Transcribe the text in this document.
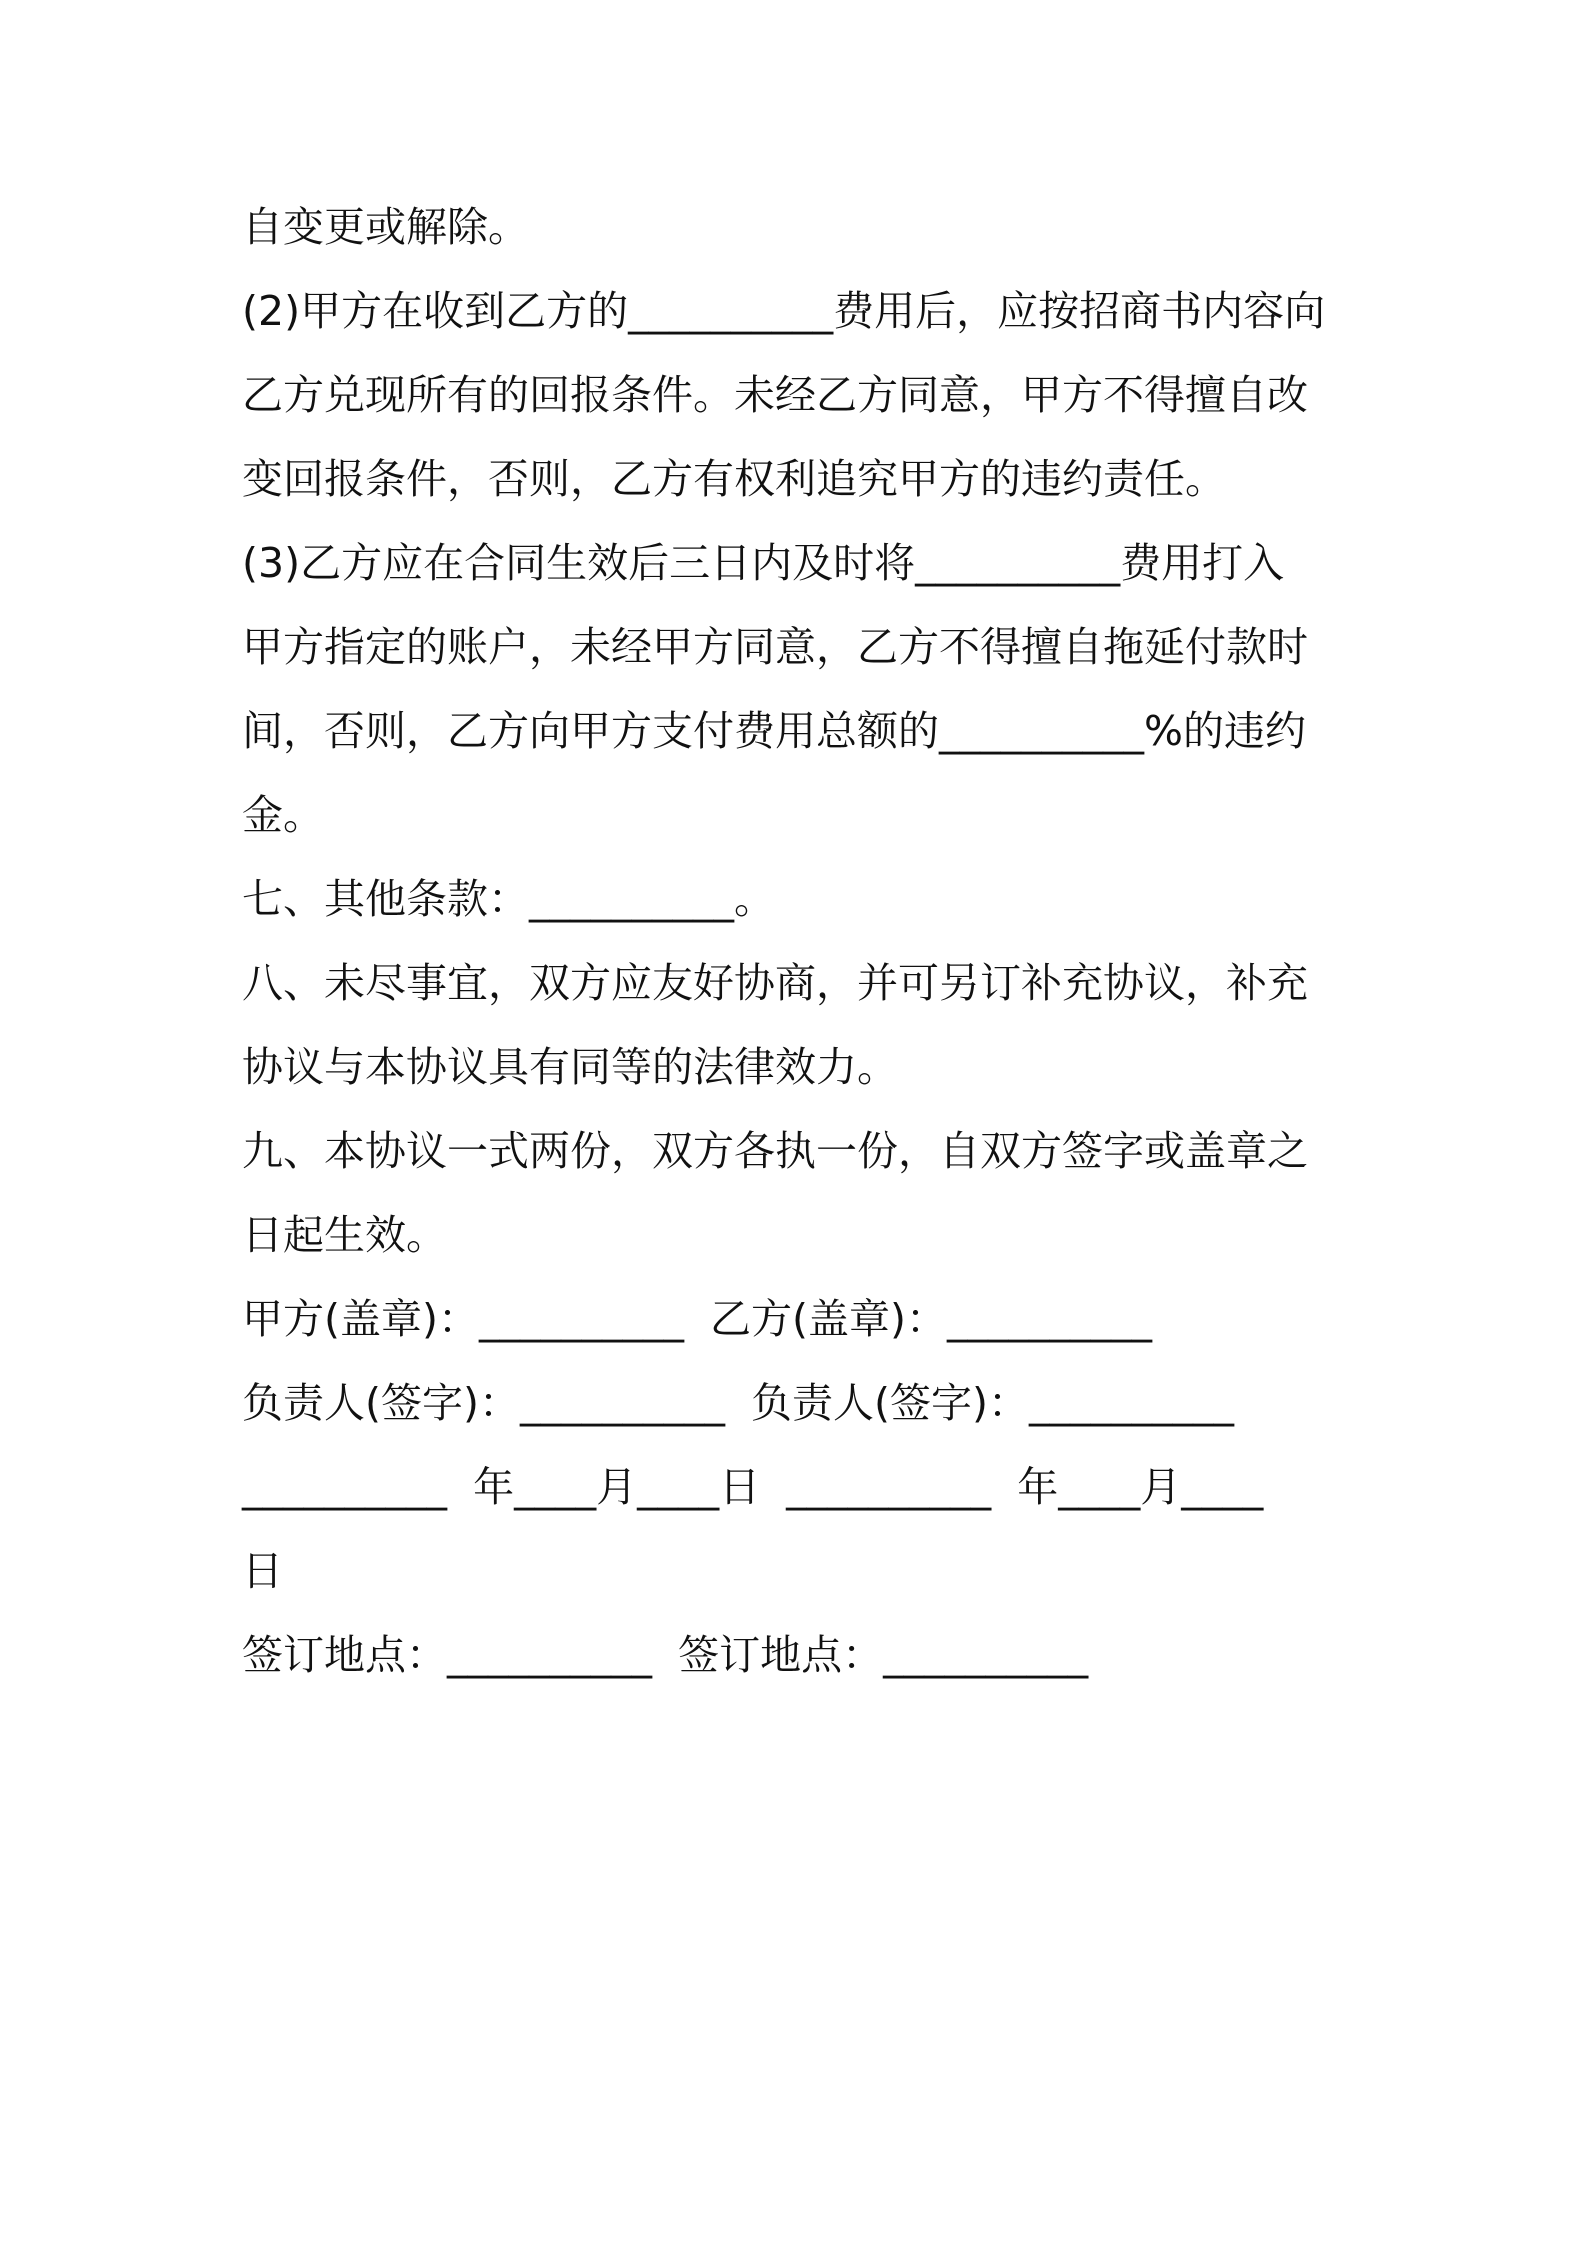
自变更或解除。
(2)甲方在收到乙方的__________费用后，应按招商书内容向
乙方兑现所有的回报条件。未经乙方同意，甲方不得擅自改
变回报条件，否则，乙方有权利追究甲方的违约责任。
(3)乙方应在合同生效后三日内及时将__________费用打入
甲方指定的账户，未经甲方同意，乙方不得擅自拖延付款时
间，否则，乙方向甲方支付费用总额的__________%的违约
金。
七、其他条款：__________。
八、未尽事宜，双方应友好协商，并可另订补充协议，补充
协议与本协议具有同等的法律效力。
九、本协议一式两份，双方各执一份，自双方签字或盖章之
日起生效。
甲方(盖章)：__________  乙方(盖章)：__________
负责人(签字)：__________  负责人(签字)：__________
__________  年____月____日  __________  年____月____
日
签订地点：__________  签订地点：__________
